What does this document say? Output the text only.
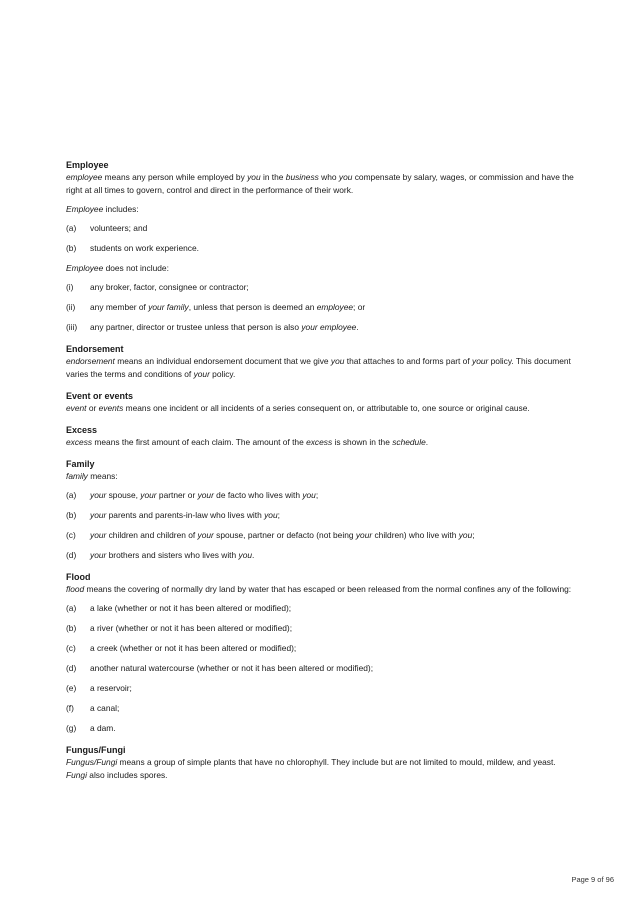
Employee
employee means any person while employed by you in the business who you compensate by salary, wages, or commission and have the right at all times to govern, control and direct in the performance of their work.
Employee includes:
(a)	volunteers; and
(b)	students on work experience.
Employee does not include:
(i)	any broker, factor, consignee or contractor;
(ii)	any member of your family, unless that person is deemed an employee; or
(iii)	any partner, director or trustee unless that person is also your employee.
Endorsement
endorsement means an individual endorsement document that we give you that attaches to and forms part of your policy. This document varies the terms and conditions of your policy.
Event or events
event or events means one incident or all incidents of a series consequent on, or attributable to, one source or original cause.
Excess
excess means the first amount of each claim. The amount of the excess is shown in the schedule.
Family
family means:
(a)	your spouse, your partner or your de facto who lives with you;
(b)	your parents and parents-in-law who lives with you;
(c)	your children and children of your spouse, partner or defacto (not being your children) who live with you;
(d)	your brothers and sisters who lives with you.
Flood
flood means the covering of normally dry land by water that has escaped or been released from the normal confines any of the following:
(a)	a lake (whether or not it has been altered or modified);
(b)	a river (whether or not it has been altered or modified);
(c)	a creek (whether or not it has been altered or modified);
(d)	another natural watercourse (whether or not it has been altered or modified);
(e)	a reservoir;
(f)	a canal;
(g)	a dam.
Fungus/Fungi
Fungus/Fungi means a group of simple plants that have no chlorophyll. They include but are not limited to mould, mildew, and yeast. Fungi also includes spores.
Page 9 of 96
